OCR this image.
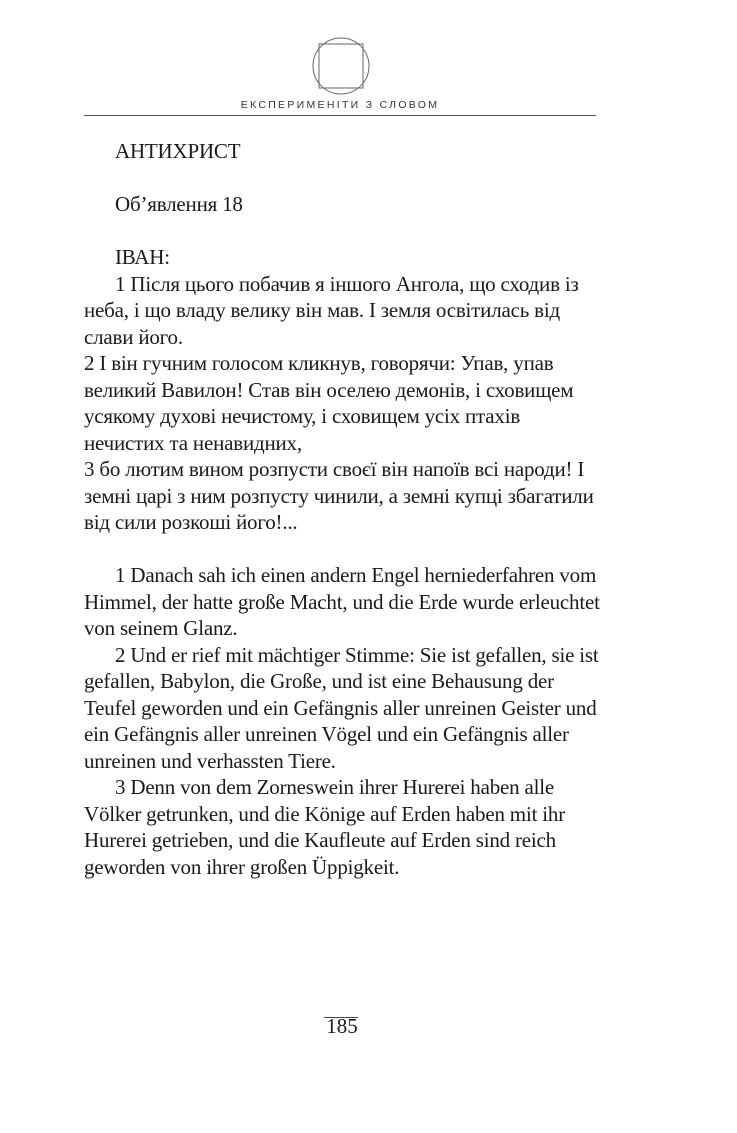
ЕКСПЕРИМЕНІТИ З СЛОВОМ

АНТИХРИСТ

Об’явлення 18

ІВАН:

1 Після цього побачив я іншого Ангола, що сходив із неба, і що владу велику він мав. І земля освітилась від слави його.

2 І він гучним голосом кликнув, говорячи: Упав, упав великий Вавилон! Став він оселею демонів, і сховищем усякому духові нечистому, і сховищем усіх птахів нечистих та ненавидних,

3 бо лютим вином розпусти своєї він напоїв всі народи! І земні царі з ним розпусту чинили, а земні купці збагатили від сили розкоші його!...

1 Danach sah ich einen andern Engel herniederfahren vom Himmel, der hatte große Macht, und die Erde wurde erleuchtet von seinem Glanz.

2 Und er rief mit mächtiger Stimme: Sie ist gefallen, sie ist gefallen, Babylon, die Große, und ist eine Behausung der Teufel geworden und ein Gefängnis aller unreinen Geister und ein Gefängnis aller unreinen Vögel und ein Gefängnis aller unreinen und verhassten Tiere.

3 Denn von dem Zorneswein ihrer Hurerei haben alle Völker getrunken, und die Könige auf Erden haben mit ihr Hurerei getrieben, und die Kaufleute auf Erden sind reich geworden von ihrer großen Üppigkeit.

185
